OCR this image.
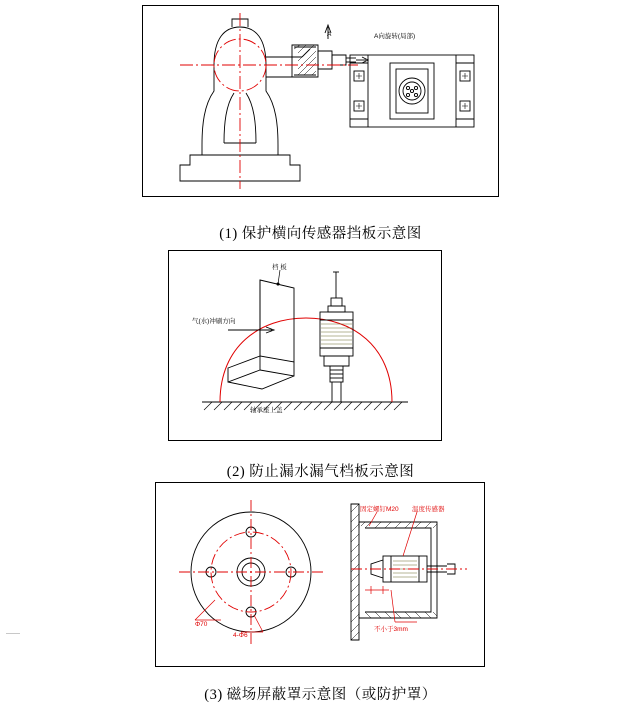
A	A向旋转(局部)
(1) 保护横向传感器挡板示意图
档 板
气(水)冲刷方向
轴承座上盖
(2) 防止漏水漏气档板示意图
固定螺钉M20 温度传感器
Φ70
4-Φ6
不小于3mm
(3) 磁场屏蔽罩示意图（或防护罩）
